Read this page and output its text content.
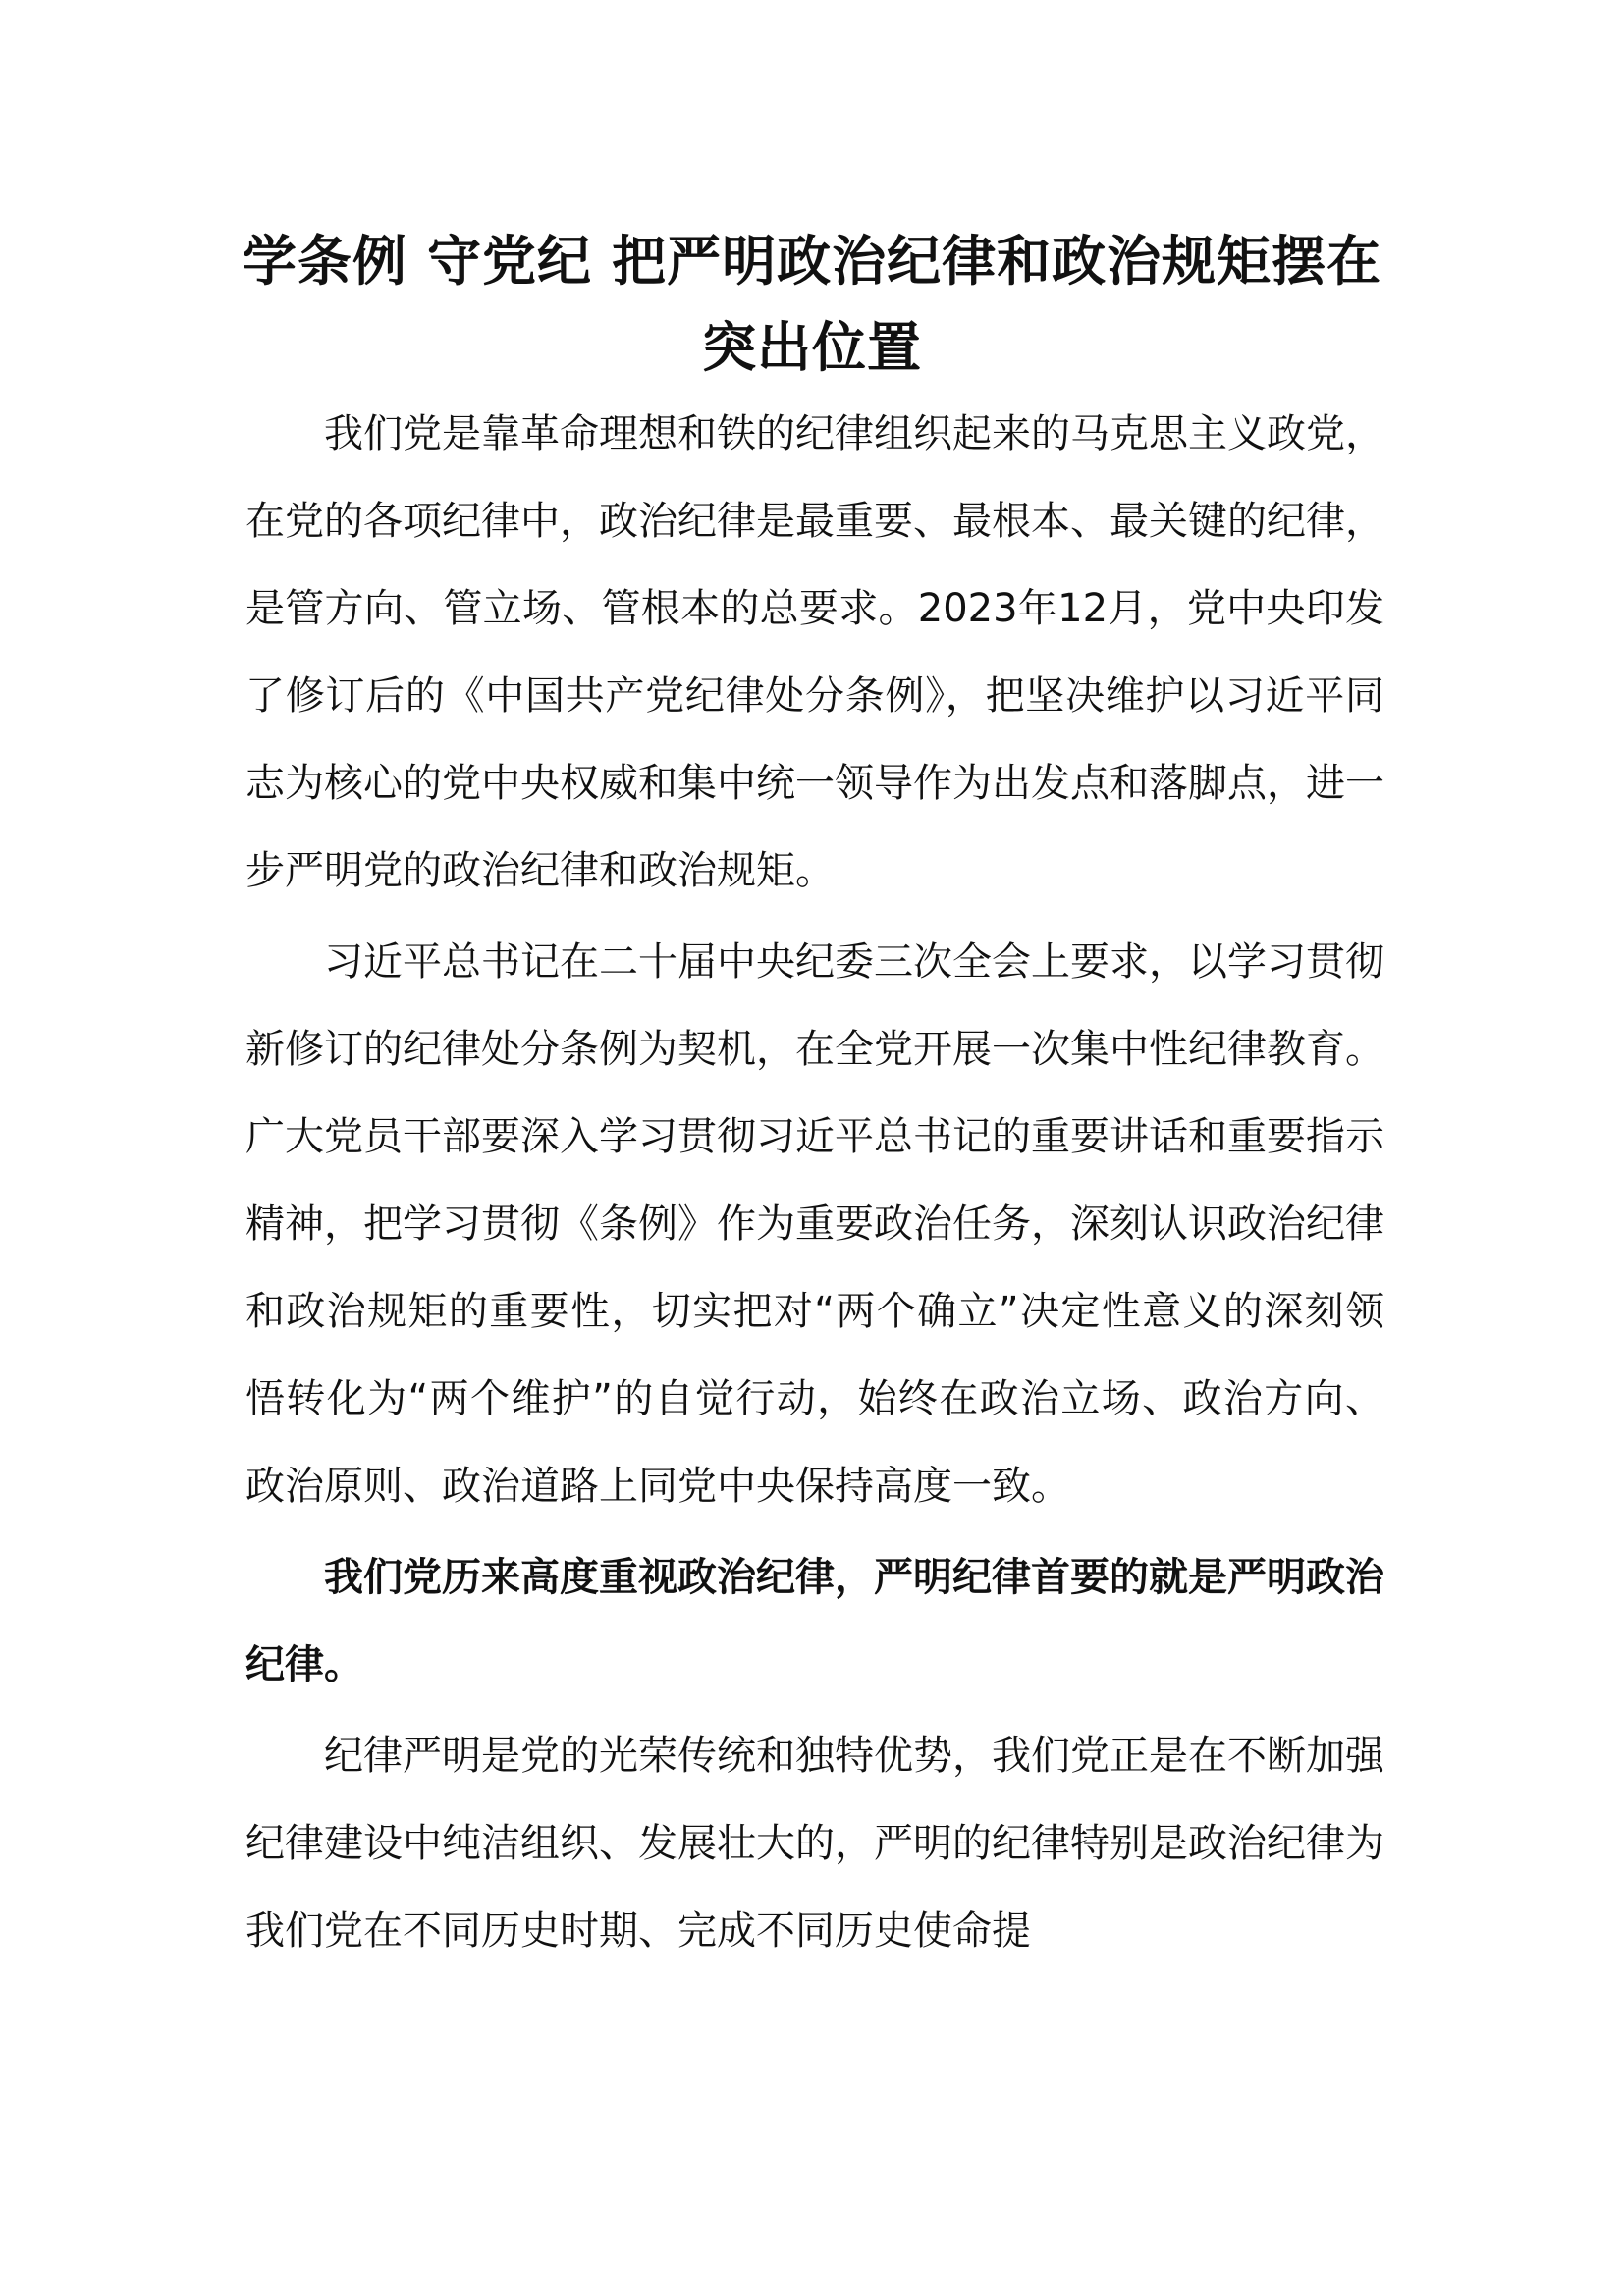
学条例 守党纪 把严明政治纪律和政治规矩摆在突出位置

我们党是靠革命理想和铁的纪律组织起来的马克思主义政党，在党的各项纪律中，政治纪律是最重要、最根本、最关键的纪律，是管方向、管立场、管根本的总要求。2023年12月，党中央印发了修订后的《中国共产党纪律处分条例》，把坚决维护以习近平同志为核心的党中央权威和集中统一领导作为出发点和落脚点，进一步严明党的政治纪律和政治规矩。

习近平总书记在二十届中央纪委三次全会上要求，以学习贯彻新修订的纪律处分条例为契机，在全党开展一次集中性纪律教育。广大党员干部要深入学习贯彻习近平总书记的重要讲话和重要指示精神，把学习贯彻《条例》作为重要政治任务，深刻认识政治纪律和政治规矩的重要性，切实把对“两个确立”决定性意义的深刻领悟转化为“两个维护”的自觉行动，始终在政治立场、政治方向、政治原则、政治道路上同党中央保持高度一致。

我们党历来高度重视政治纪律，严明纪律首要的就是严明政治纪律。

纪律严明是党的光荣传统和独特优势，我们党正是在不断加强纪律建设中纯洁组织、发展壮大的，严明的纪律特别是政治纪律为我们党在不同历史时期、完成不同历史使命提
